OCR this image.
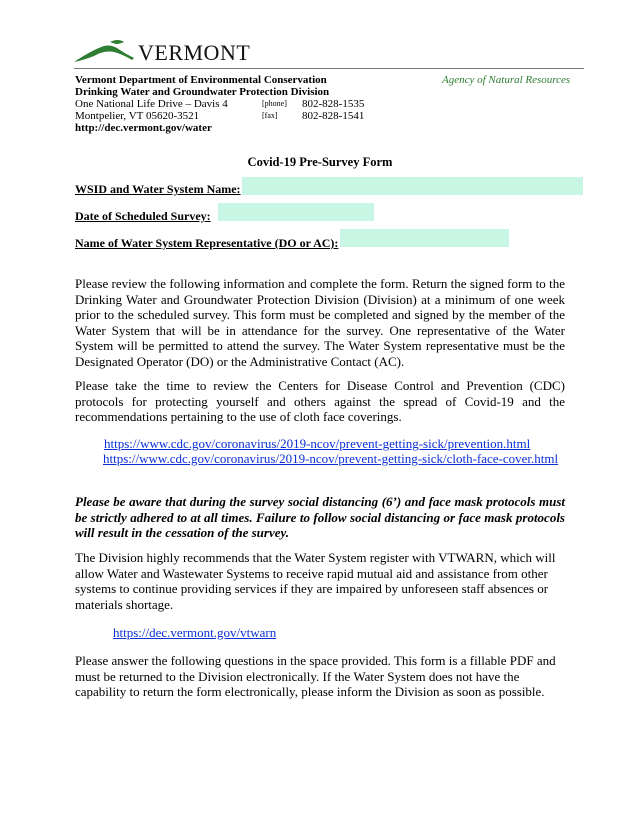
VERMONT
Vermont Department of Environmental Conservation
Drinking Water and Groundwater Protection Division
Agency of Natural Resources
One National Life Drive – Davis 4
Montpelier, VT 05620-3521
http://dec.vermont.gov/water
[phone] 802-828-1535
[fax] 802-828-1541
Covid-19 Pre-Survey Form
WSID and Water System Name:
Date of Scheduled Survey:
Name of Water System Representative (DO or AC):
Please review the following information and complete the form. Return the signed form to the Drinking Water and Groundwater Protection Division (Division) at a minimum of one week prior to the scheduled survey. This form must be completed and signed by the member of the Water System that will be in attendance for the survey. One representative of the Water System will be permitted to attend the survey. The Water System representative must be the Designated Operator (DO) or the Administrative Contact (AC).
Please take the time to review the Centers for Disease Control and Prevention (CDC) protocols for protecting yourself and others against the spread of Covid-19 and the recommendations pertaining to the use of cloth face coverings.
https://www.cdc.gov/coronavirus/2019-ncov/prevent-getting-sick/prevention.html
https://www.cdc.gov/coronavirus/2019-ncov/prevent-getting-sick/cloth-face-cover.html
Please be aware that during the survey social distancing (6’) and face mask protocols must be strictly adhered to at all times. Failure to follow social distancing or face mask protocols will result in the cessation of the survey.
The Division highly recommends that the Water System register with VTWARN, which will allow Water and Wastewater Systems to receive rapid mutual aid and assistance from other systems to continue providing services if they are impaired by unforeseen staff absences or materials shortage.
https://dec.vermont.gov/vtwarn
Please answer the following questions in the space provided. This form is a fillable PDF and must be returned to the Division electronically. If the Water System does not have the capability to return the form electronically, please inform the Division as soon as possible.
